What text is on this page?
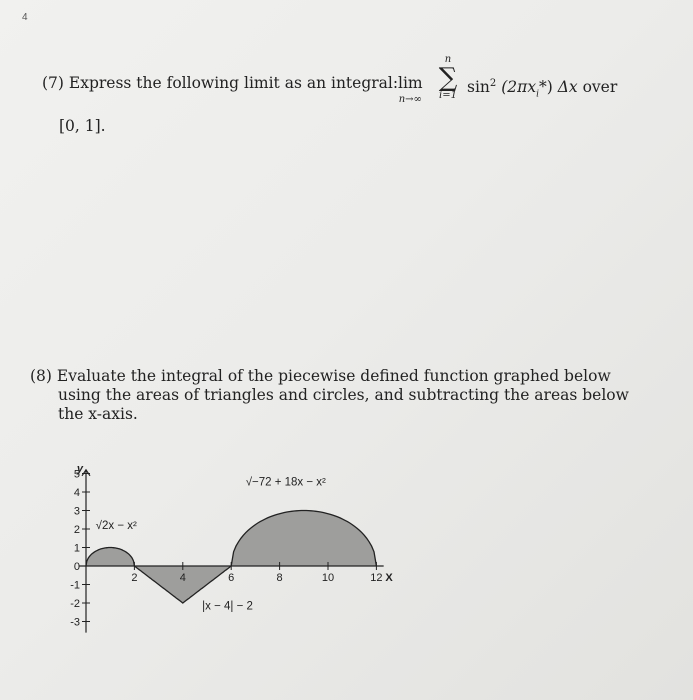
4
(7) Express the following limit as an integral: lim
n→∞
n
∑
i=1 $\sin^2 (2\pi x_i*)$ Δx over
[0, 1].

(8) Evaluate the integral of the piecewise defined function graphed below

using the areas of triangles and circles, and subtracting the areas below

the x-axis.

5
4
3
2
1
0
-1
-2
-3
2	4	6	8	10	12
y
X
√2x − x²
|x − 4| − 2
√−72 + 18x − x²
